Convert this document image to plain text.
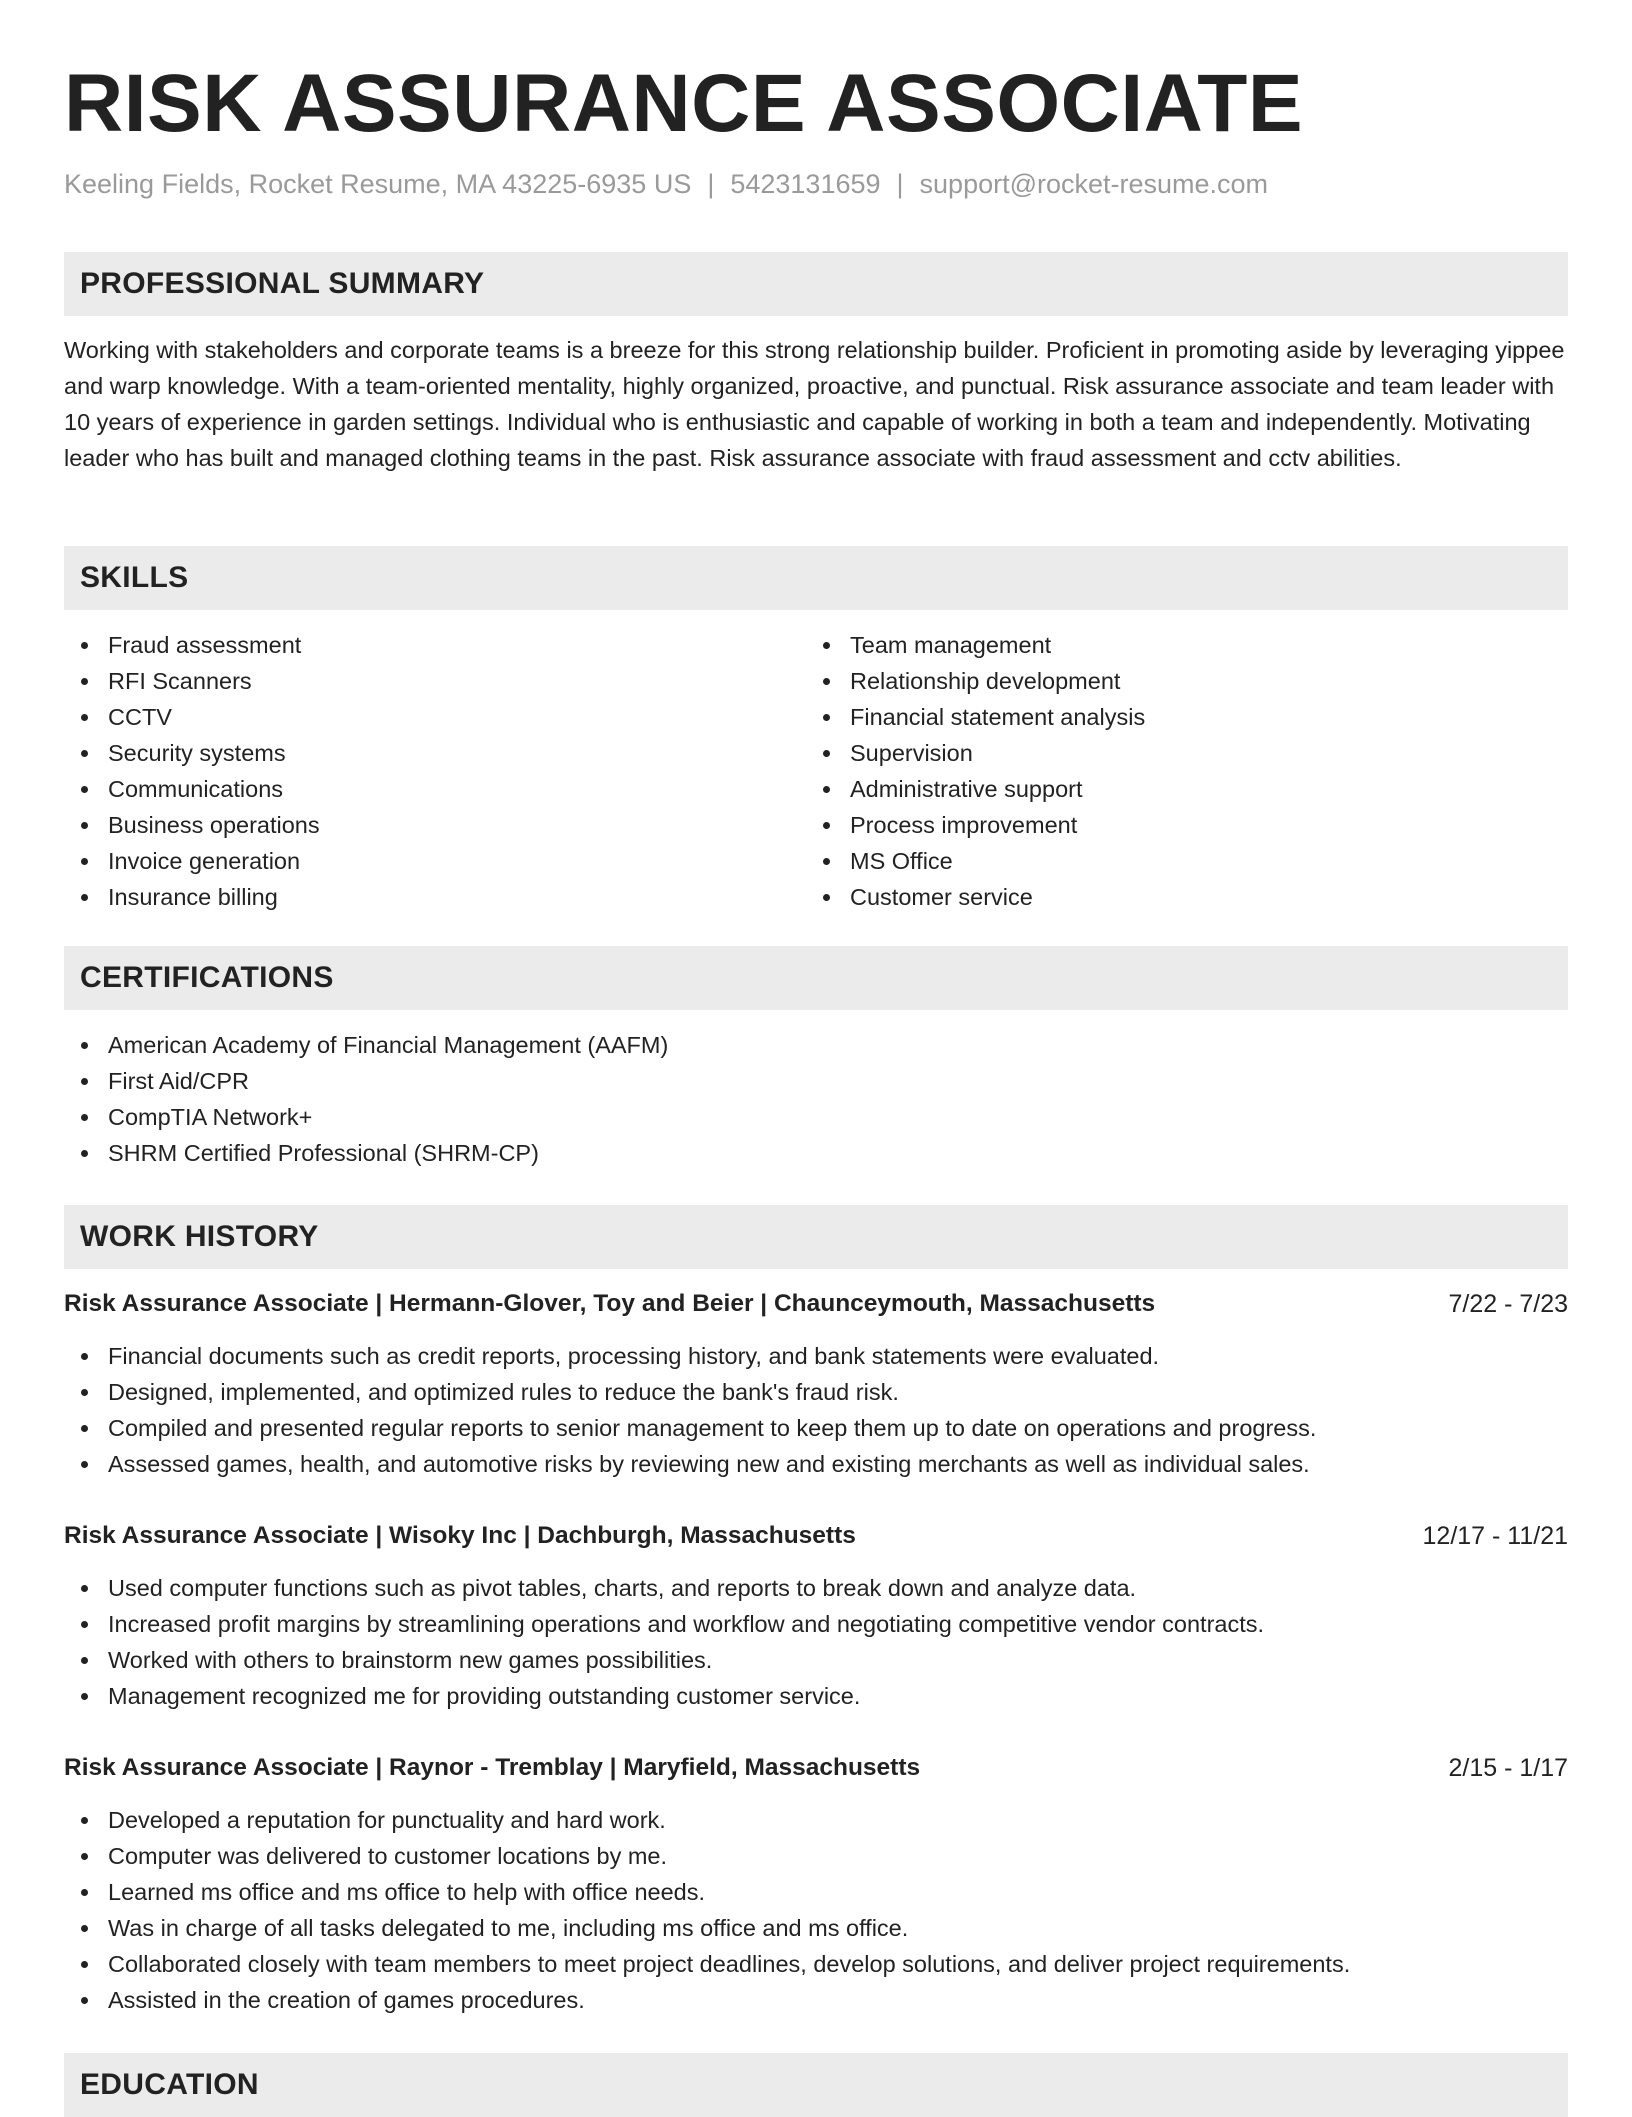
RISK ASSURANCE ASSOCIATE
Keeling Fields, Rocket Resume, MA 43225-6935 US | 5423131659 | support@rocket-resume.com
PROFESSIONAL SUMMARY

Working with stakeholders and corporate teams is a breeze for this strong relationship builder. Proficient in promoting aside by leveraging yippee and warp knowledge. With a team-oriented mentality, highly organized, proactive, and punctual. Risk assurance associate and team leader with 10 years of experience in garden settings. Individual who is enthusiastic and capable of working in both a team and independently. Motivating leader who has built and managed clothing teams in the past. Risk assurance associate with fraud assessment and cctv abilities.

SKILLS
Fraud assessment
RFI Scanners
CCTV
Security systems
Communications
Business operations
Invoice generation
Insurance billing
Team management
Relationship development
Financial statement analysis
Supervision
Administrative support
Process improvement
MS Office
Customer service
CERTIFICATIONS
American Academy of Financial Management (AAFM)
First Aid/CPR
CompTIA Network+
SHRM Certified Professional (SHRM-CP)
WORK HISTORY
Risk Assurance Associate | Hermann-Glover, Toy and Beier | Chaunceymouth, Massachusetts	7/22 - 7/23
Financial documents such as credit reports, processing history, and bank statements were evaluated.
Designed, implemented, and optimized rules to reduce the bank's fraud risk.
Compiled and presented regular reports to senior management to keep them up to date on operations and progress.
Assessed games, health, and automotive risks by reviewing new and existing merchants as well as individual sales.
Risk Assurance Associate | Wisoky Inc | Dachburgh, Massachusetts	12/17 - 11/21
Used computer functions such as pivot tables, charts, and reports to break down and analyze data.
Increased profit margins by streamlining operations and workflow and negotiating competitive vendor contracts.
Worked with others to brainstorm new games possibilities.
Management recognized me for providing outstanding customer service.
Risk Assurance Associate | Raynor - Tremblay | Maryfield, Massachusetts	2/15 - 1/17
Developed a reputation for punctuality and hard work.
Computer was delivered to customer locations by me.
Learned ms office and ms office to help with office needs.
Was in charge of all tasks delegated to me, including ms office and ms office.
Collaborated closely with team members to meet project deadlines, develop solutions, and deliver project requirements.
Assisted in the creation of games procedures.
EDUCATION
